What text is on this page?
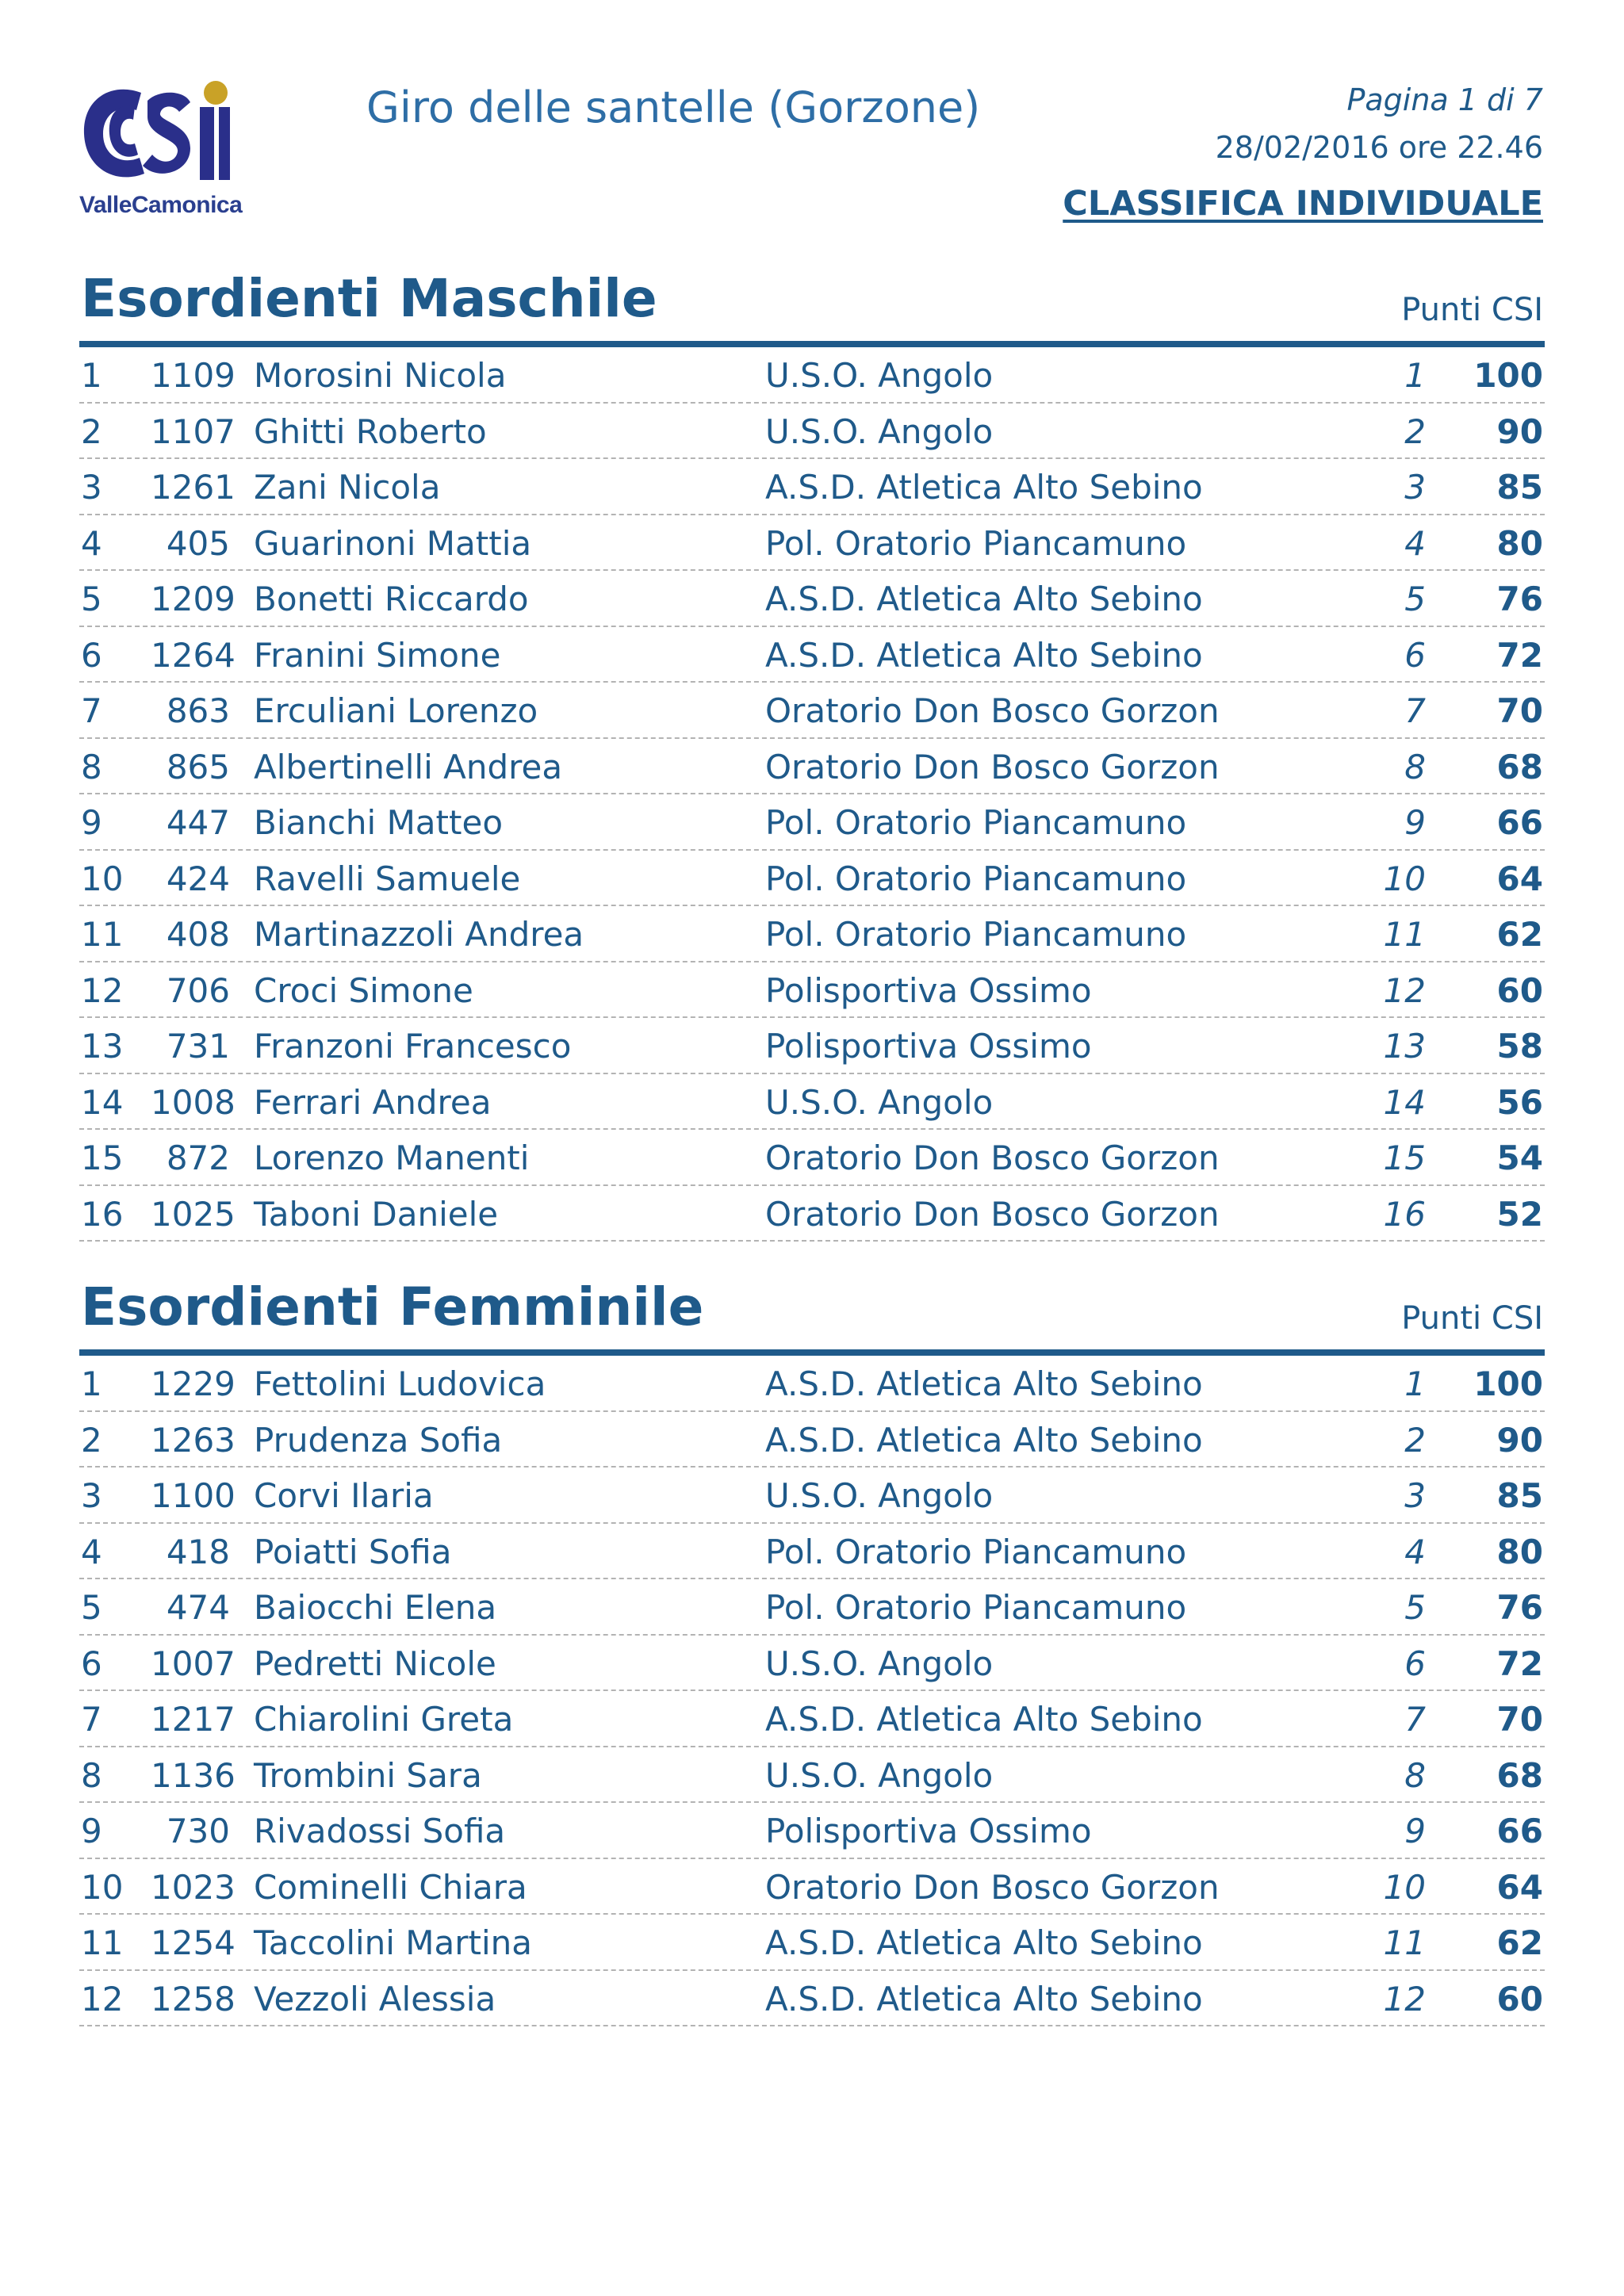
ValleCamonica
Giro delle santelle (Gorzone)	Pagina 1 di 7
28/02/2016 ore 22.46
CLASSIFICA INDIVIDUALE
Esordienti Maschile	Punti CSI
1 1109 Morosini Nicola	U.S.O. Angolo	1	100
2 1107 Ghitti Roberto	U.S.O. Angolo	2	90
3 1261 Zani Nicola	A.S.D. Atletica Alto Sebino	3	85
4	405 Guarinoni Mattia	Pol. Oratorio Piancamuno	4	80
5 1209 Bonetti Riccardo	A.S.D. Atletica Alto Sebino	5	76
6 1264 Franini Simone	A.S.D. Atletica Alto Sebino	6	72
7	863 Erculiani Lorenzo	Oratorio Don Bosco Gorzon	7	70
8	865 Albertinelli Andrea	Oratorio Don Bosco Gorzon	8	68
9	447 Bianchi Matteo	Pol. Oratorio Piancamuno	9	66
10	424 Ravelli Samuele	Pol. Oratorio Piancamuno	10	64
11	408 Martinazzoli Andrea	Pol. Oratorio Piancamuno	11	62
12	706 Croci Simone	Polisportiva Ossimo	12	60
13	731 Franzoni Francesco	Polisportiva Ossimo	13	58
14 1008 Ferrari Andrea	U.S.O. Angolo	14	56
15	872 Lorenzo Manenti	Oratorio Don Bosco Gorzon	15	54
16 1025 Taboni Daniele	Oratorio Don Bosco Gorzon	16	52
Esordienti Femminile	Punti CSI
1 1229 Fettolini Ludovica	A.S.D. Atletica Alto Sebino	1	100
2 1263 Prudenza Sofia	A.S.D. Atletica Alto Sebino	2	90
3 1100 Corvi Ilaria	U.S.O. Angolo	3	85
4	418 Poiatti Sofia	Pol. Oratorio Piancamuno	4	80
5	474 Baiocchi Elena	Pol. Oratorio Piancamuno	5	76
6 1007 Pedretti Nicole	U.S.O. Angolo	6	72
7 1217 Chiarolini Greta	A.S.D. Atletica Alto Sebino	7	70
8 1136 Trombini Sara	U.S.O. Angolo	8	68
9	730 Rivadossi Sofia	Polisportiva Ossimo	9	66
10 1023 Cominelli Chiara	Oratorio Don Bosco Gorzon	10	64
11 1254 Taccolini Martina	A.S.D. Atletica Alto Sebino	11	62
12 1258 Vezzoli Alessia	A.S.D. Atletica Alto Sebino	12	60
